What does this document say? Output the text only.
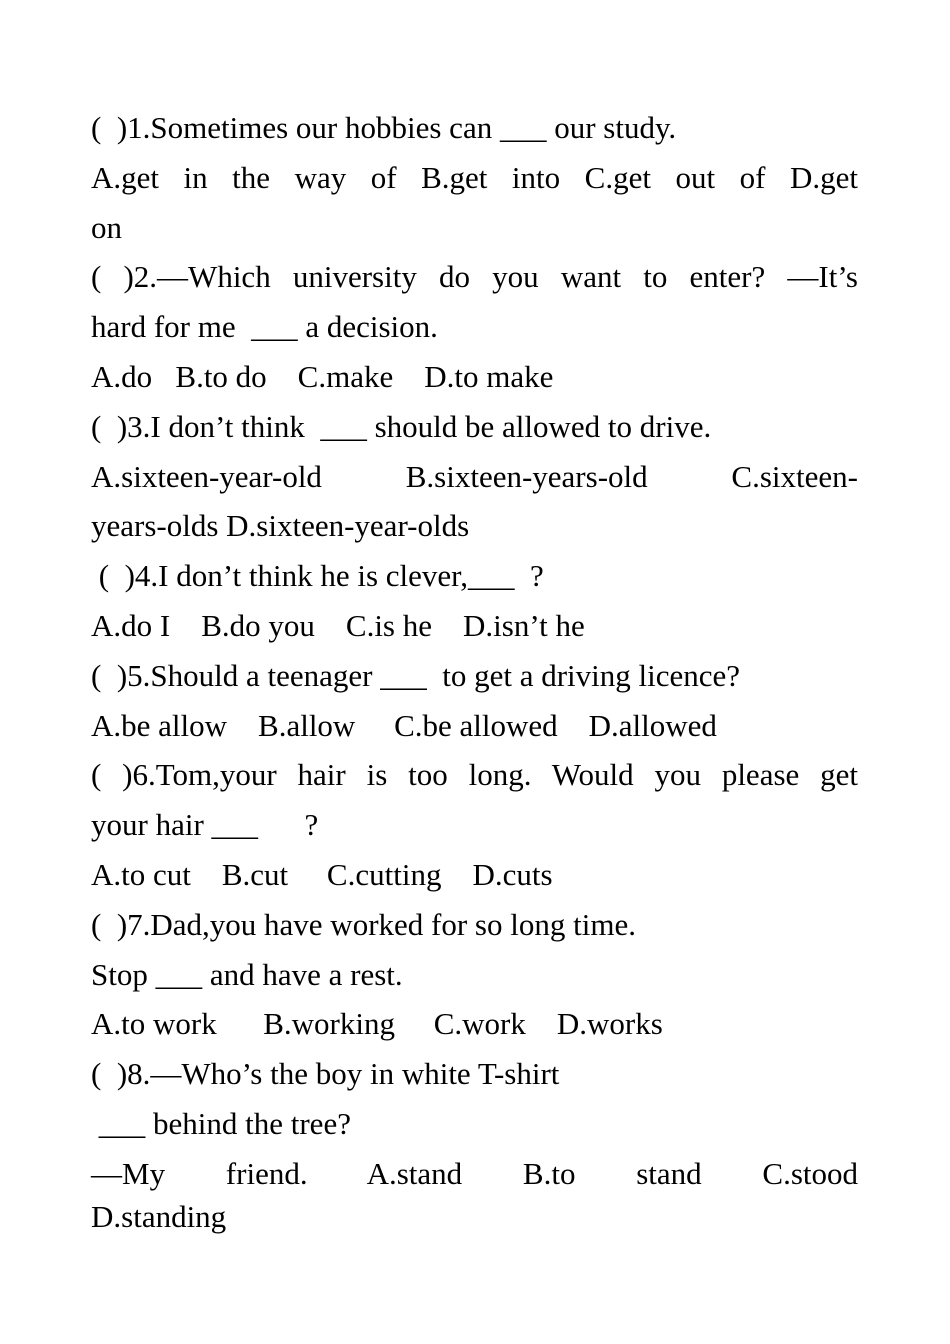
(  )1.Sometimes our hobbies can ___ our study.
A.get in the way of B.get into C.get out of D.get
on
( )2.—Which university do you want to enter? —It’s
hard for me  ___ a decision.
A.do   B.to do    C.make    D.to make
(  )3.I don’t think  ___ should be allowed to drive.
A.sixteen-year-old B.sixteen-years-old C.sixteen-
years-olds D.sixteen-year-olds
(  )4.I don’t think he is clever,___  ?
A.do I    B.do you    C.is he    D.isn’t he
(  )5.Should a teenager ___  to get a driving licence?
A.be allow    B.allow     C.be allowed    D.allowed
( )6.Tom,your hair is too long. Would you please get
your hair ___      ?
A.to cut    B.cut     C.cutting    D.cuts
(  )7.Dad,you have worked for so long time.
Stop ___ and have a rest.
A.to work      B.working     C.work    D.works
(  )8.—Who’s the boy in white T-shirt
___ behind the tree?
—My friend. A.stand B.to stand C.stood
D.standing
